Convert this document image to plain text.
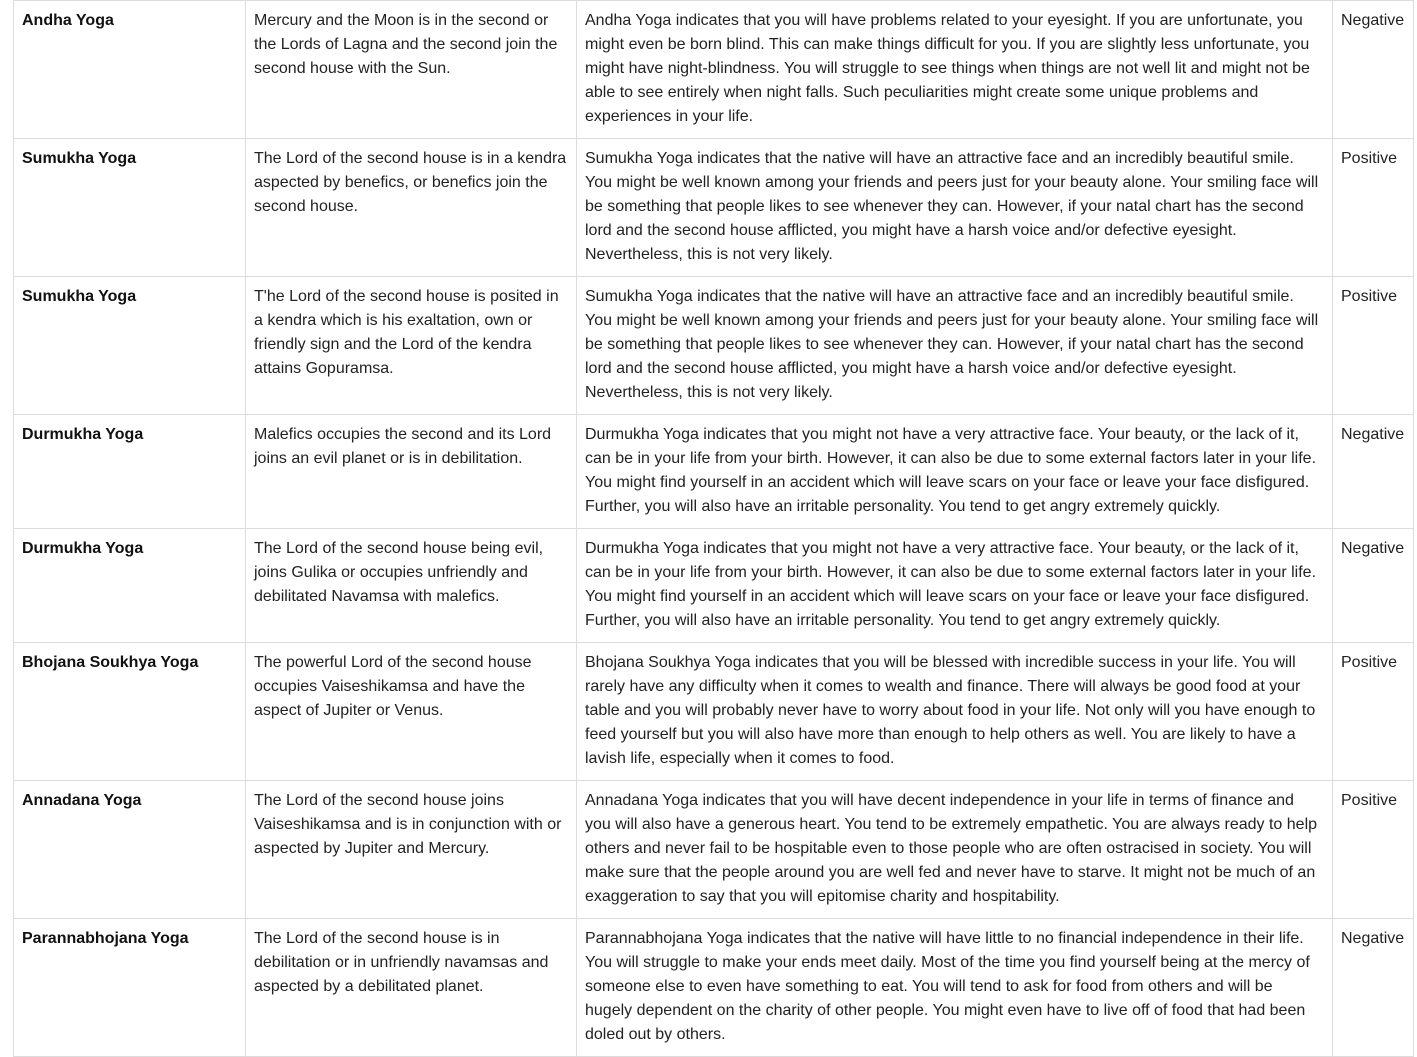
Andha Yoga	Mercury and the Moon is in the second or the Lords of Lagna and the second join the second house with the Sun.	Andha Yoga indicates that you will have problems related to your eyesight. If you are unfortunate, you might even be born blind. This can make things difficult for you. If you are slightly less unfortunate, you might have night-blindness. You will struggle to see things when things are not well lit and might not be able to see entirely when night falls. Such peculiarities might create some unique problems and experiences in your life.	Negative
Sumukha Yoga	The Lord of the second house is in a kendra aspected by benefics, or benefics join the second house.	Sumukha Yoga indicates that the native will have an attractive face and an incredibly beautiful smile. You might be well known among your friends and peers just for your beauty alone. Your smiling face will be something that people likes to see whenever they can. However, if your natal chart has the second lord and the second house afflicted, you might have a harsh voice and/or defective eyesight. Nevertheless, this is not very likely.	Positive
Sumukha Yoga	T'he Lord of the second house is posited in a kendra which is his exaltation, own or friendly sign and the Lord of the kendra attains Gopuramsa.	Sumukha Yoga indicates that the native will have an attractive face and an incredibly beautiful smile. You might be well known among your friends and peers just for your beauty alone. Your smiling face will be something that people likes to see whenever they can. However, if your natal chart has the second lord and the second house afflicted, you might have a harsh voice and/or defective eyesight. Nevertheless, this is not very likely.	Positive
Durmukha Yoga	Malefics occupies the second and its Lord joins an evil planet or is in debilitation.	Durmukha Yoga indicates that you might not have a very attractive face. Your beauty, or the lack of it, can be in your life from your birth. However, it can also be due to some external factors later in your life. You might find yourself in an accident which will leave scars on your face or leave your face disfigured. Further, you will also have an irritable personality. You tend to get angry extremely quickly.	Negative
Durmukha Yoga	The Lord of the second house being evil, joins Gulika or occupies unfriendly and debilitated Navamsa with malefics.	Durmukha Yoga indicates that you might not have a very attractive face. Your beauty, or the lack of it, can be in your life from your birth. However, it can also be due to some external factors later in your life. You might find yourself in an accident which will leave scars on your face or leave your face disfigured. Further, you will also have an irritable personality. You tend to get angry extremely quickly.	Negative
Bhojana Soukhya Yoga	The powerful Lord of the second house occupies Vaiseshikamsa and have the aspect of Jupiter or Venus.	Bhojana Soukhya Yoga indicates that you will be blessed with incredible success in your life. You will rarely have any difficulty when it comes to wealth and finance. There will always be good food at your table and you will probably never have to worry about food in your life. Not only will you have enough to feed yourself but you will also have more than enough to help others as well. You are likely to have a lavish life, especially when it comes to food.	Positive
Annadana Yoga	The Lord of the second house joins Vaiseshikamsa and is in conjunction with or aspected by Jupiter and Mercury.	Annadana Yoga indicates that you will have decent independence in your life in terms of finance and you will also have a generous heart. You tend to be extremely empathetic. You are always ready to help others and never fail to be hospitable even to those people who are often ostracised in society. You will make sure that the people around you are well fed and never have to starve. It might not be much of an exaggeration to say that you will epitomise charity and hospitability.	Positive
Parannabhojana Yoga	The Lord of the second house is in debilitation or in unfriendly navamsas and aspected by a debilitated planet.	Parannabhojana Yoga indicates that the native will have little to no financial independence in their life. You will struggle to make your ends meet daily. Most of the time you find yourself being at the mercy of someone else to even have something to eat. You will tend to ask for food from others and will be hugely dependent on the charity of other people. You might even have to live off of food that had been doled out by others.	Negative
